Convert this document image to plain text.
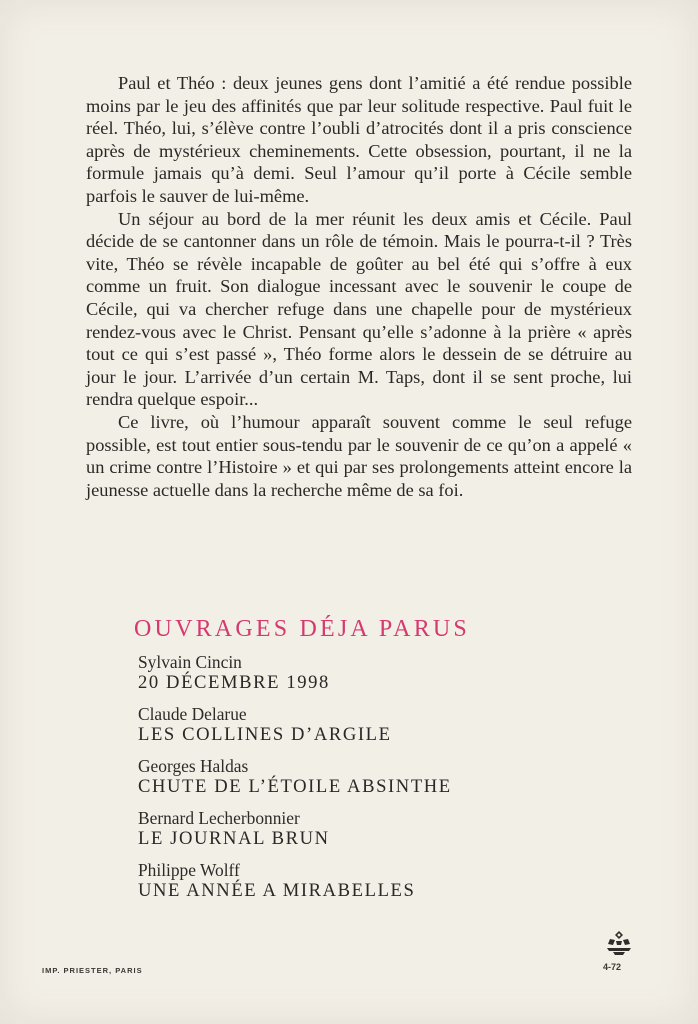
Paul et Théo : deux jeunes gens dont l’amitié a été rendue possible moins par le jeu des affinités que par leur solitude respective. Paul fuit le réel. Théo, lui, s’élève contre l’oubli d’atrocités dont il a pris conscience après de mystérieux cheminements. Cette obsession, pourtant, il ne la formule jamais qu’à demi. Seul l’amour qu’il porte à Cécile semble parfois le sauver de lui-même.

Un séjour au bord de la mer réunit les deux amis et Cécile. Paul décide de se cantonner dans un rôle de témoin. Mais le pourra-t-il ? Très vite, Théo se révèle incapable de goûter au bel été qui s’offre à eux comme un fruit. Son dialogue incessant avec le souvenir le coupe de Cécile, qui va chercher refuge dans une chapelle pour de mystérieux rendez-vous avec le Christ. Pensant qu’elle s’adonne à la prière « après tout ce qui s’est passé », Théo forme alors le dessein de se détruire au jour le jour. L’arrivée d’un certain M. Taps, dont il se sent proche, lui rendra quelque espoir...

Ce livre, où l’humour apparaît souvent comme le seul refuge possible, est tout entier sous-tendu par le souvenir de ce qu’on a appelé « un crime contre l’Histoire » et qui par ses prolongements atteint encore la jeunesse actuelle dans la recherche même de sa foi.

OUVRAGES DÉJA PARUS
Sylvain Cincin
20 DÉCEMBRE 1998
Claude Delarue
LES COLLINES D’ARGILE
Georges Haldas
CHUTE DE L’ÉTOILE ABSINTHE
Bernard Lecherbonnier
LE JOURNAL BRUN
Philippe Wolff
UNE ANNÉE A MIRABELLES
IMP. PRIESTER, PARIS	4-72
